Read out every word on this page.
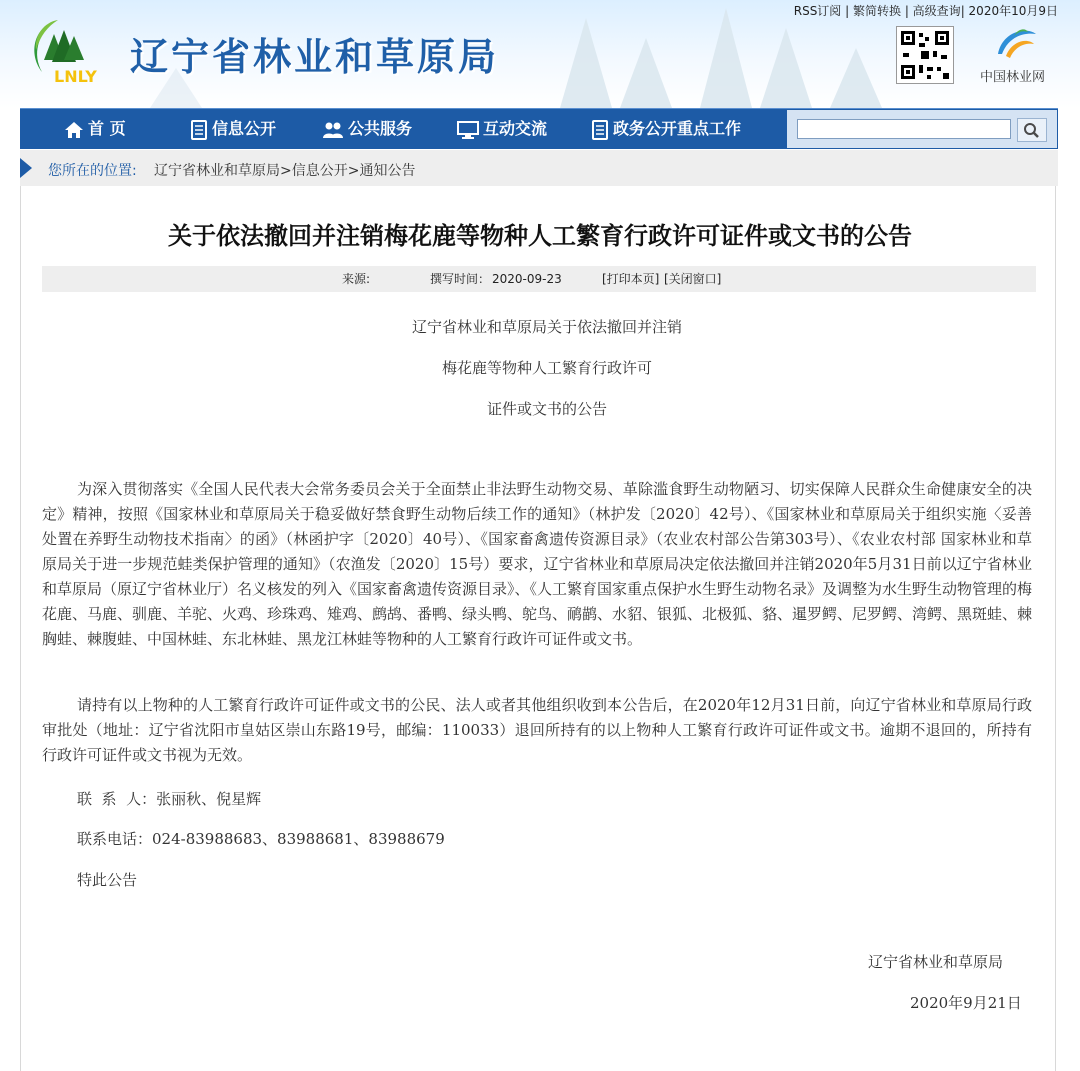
LNLY 辽宁省林业和草原局
RSS订阅 | 繁简转换 | 高级查询| 2020年10月9日
中国林业网
首 页	信息公开	公共服务	互动交流	政务公开重点工作
您所在的位置: 辽宁省林业和草原局>信息公开>通知公告
关于依法撤回并注销梅花鹿等物种人工繁育行政许可证件或文书的公告
来源:	撰写时间： 2020-09-23	[打印本页] [关闭窗口]
辽宁省林业和草原局关于依法撤回并注销
梅花鹿等物种人工繁育行政许可
证件或文书的公告
为深入贯彻落实《全国人民代表大会常务委员会关于全面禁止非法野生动物交易、革除滥食野生动物陋习、切实保障人民群众生命健康安全的决定》精神，按照《国家林业和草原局关于稳妥做好禁食野生动物后续工作的通知》（林护发〔2020〕42号）、《国家林业和草原局关于组织实施〈妥善处置在养野生动物技术指南〉的函》（林函护字〔2020〕40号）、《国家畜禽遗传资源目录》（农业农村部公告第303号）、《农业农村部 国家林业和草原局关于进一步规范蛙类保护管理的通知》（农渔发〔2020〕15号）要求，辽宁省林业和草原局决定依法撤回并注销2020年5月31日前以辽宁省林业和草原局（原辽宁省林业厅）名义核发的列入《国家畜禽遗传资源目录》、《人工繁育国家重点保护水生野生动物名录》及调整为水生野生动物管理的梅花鹿、马鹿、驯鹿、羊驼、火鸡、珍珠鸡、雉鸡、鹧鸪、番鸭、绿头鸭、鸵鸟、鸸鹋、水貂、银狐、北极狐、貉、暹罗鳄、尼罗鳄、湾鳄、黑斑蛙、棘胸蛙、棘腹蛙、中国林蛙、东北林蛙、黑龙江林蛙等物种的人工繁育行政许可证件或文书。
请持有以上物种的人工繁育行政许可证件或文书的公民、法人或者其他组织收到本公告后，在2020年12月31日前，向辽宁省林业和草原局行政审批处（地址：辽宁省沈阳市皇姑区崇山东路19号，邮编：110033）退回所持有的以上物种人工繁育行政许可证件或文书。逾期不退回的，所持有行政许可证件或文书视为无效。
联  系  人：张丽秋、倪星辉
联系电话：024-83988683、83988681、83988679
特此公告
辽宁省林业和草原局
2020年9月21日
